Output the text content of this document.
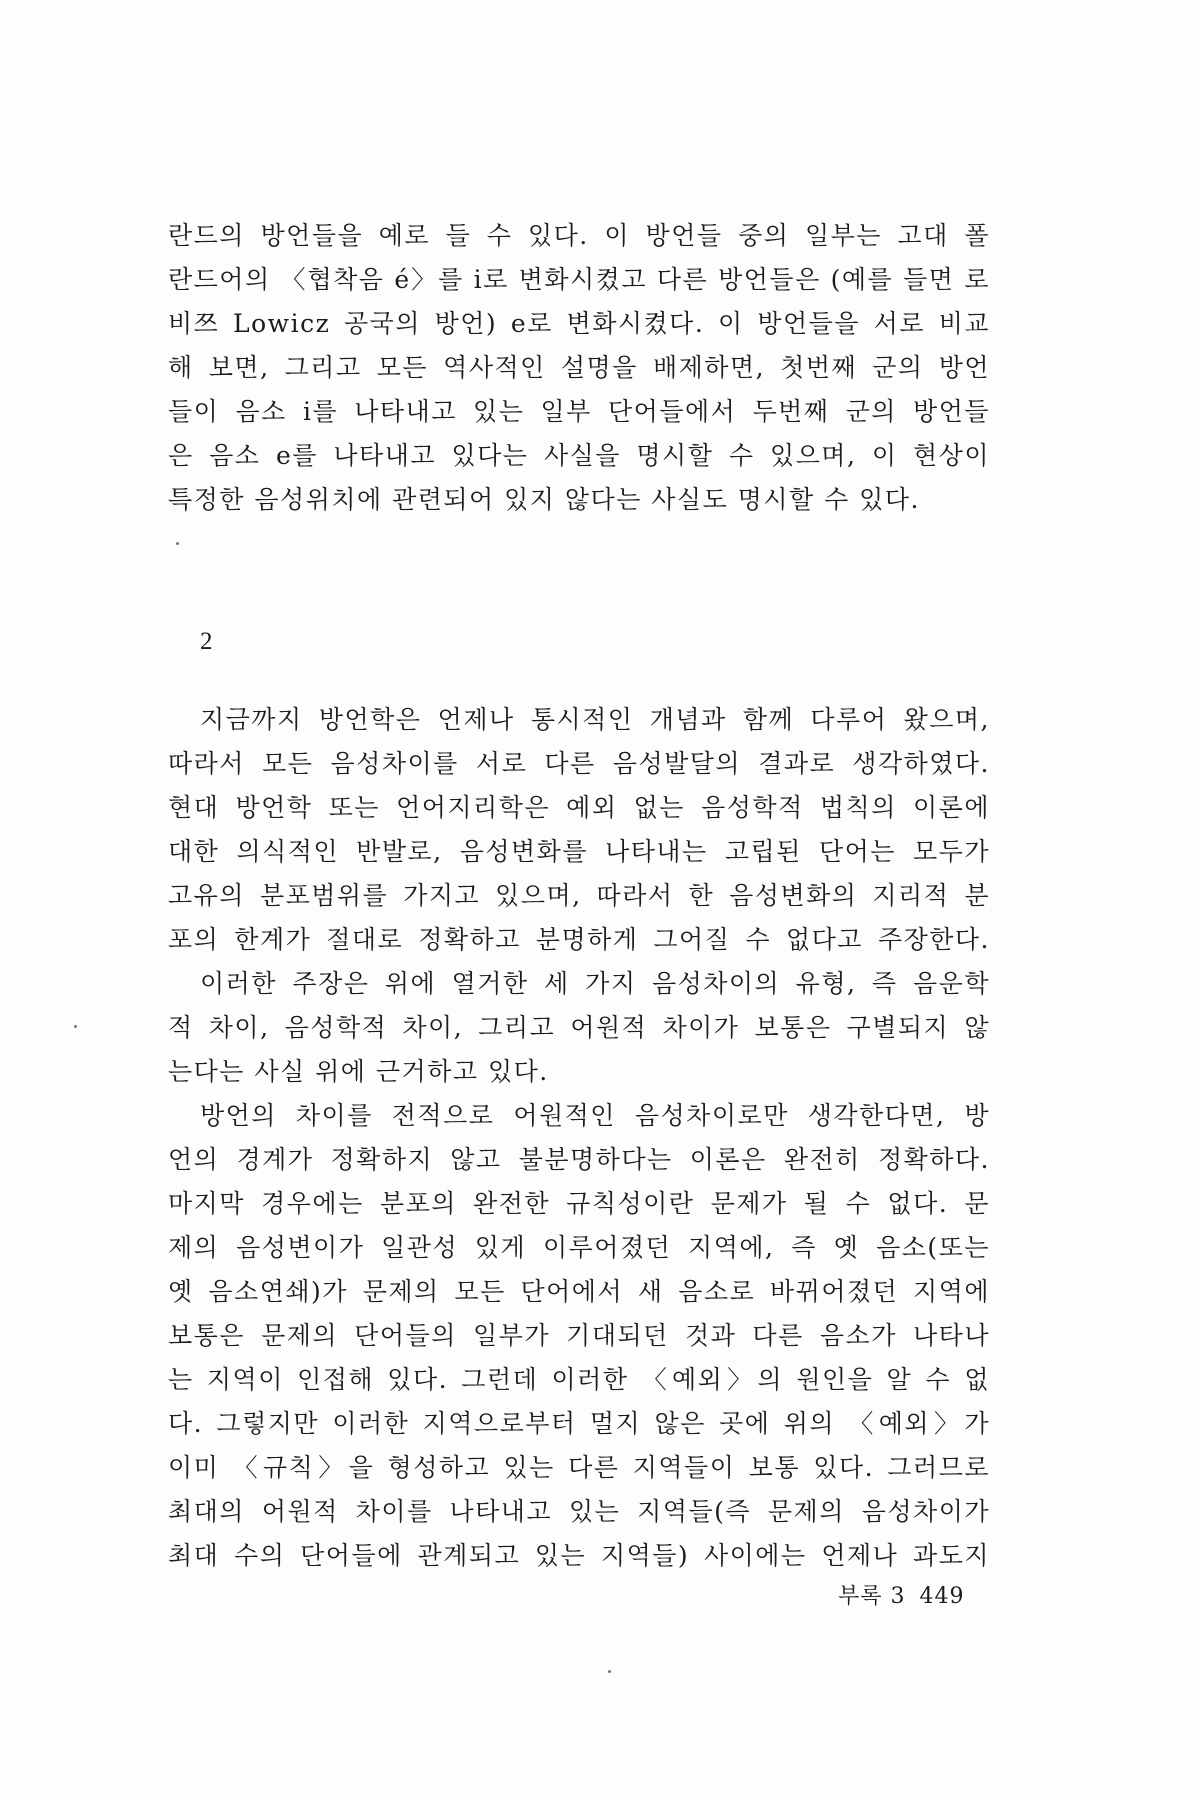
란드의 방언들을 예로 들 수 있다. 이 방언들 중의 일부는 고대 폴
란드어의 〈협착음 é〉를 i로 변화시켰고 다른 방언들은 (예를 들면 로
비쯔 Lowicz 공국의 방언) e로 변화시켰다. 이 방언들을 서로 비교
해 보면, 그리고 모든 역사적인 설명을 배제하면, 첫번째 군의 방언
들이 음소 i를 나타내고 있는 일부 단어들에서 두번째 군의 방언들
은 음소 e를 나타내고 있다는 사실을 명시할 수 있으며, 이 현상이
특정한 음성위치에 관련되어 있지 않다는 사실도 명시할 수 있다.
2
지금까지 방언학은 언제나 통시적인 개념과 함께 다루어 왔으며,
따라서 모든 음성차이를 서로 다른 음성발달의 결과로 생각하였다.
현대 방언학 또는 언어지리학은 예외 없는 음성학적 법칙의 이론에
대한 의식적인 반발로, 음성변화를 나타내는 고립된 단어는 모두가
고유의 분포범위를 가지고 있으며, 따라서 한 음성변화의 지리적 분
포의 한계가 절대로 정확하고 분명하게 그어질 수 없다고 주장한다.
이러한 주장은 위에 열거한 세 가지 음성차이의 유형, 즉 음운학
적 차이, 음성학적 차이, 그리고 어원적 차이가 보통은 구별되지 않
는다는 사실 위에 근거하고 있다.
방언의 차이를 전적으로 어원적인 음성차이로만 생각한다면, 방
언의 경계가 정확하지 않고 불분명하다는 이론은 완전히 정확하다.
마지막 경우에는 분포의 완전한 규칙성이란 문제가 될 수 없다. 문
제의 음성변이가 일관성 있게 이루어졌던 지역에, 즉 옛 음소(또는
옛 음소연쇄)가 문제의 모든 단어에서 새 음소로 바뀌어졌던 지역에
보통은 문제의 단어들의 일부가 기대되던 것과 다른 음소가 나타나
는 지역이 인접해 있다. 그런데 이러한 〈예외〉의 원인을 알 수 없
다. 그렇지만 이러한 지역으로부터 멀지 않은 곳에 위의 〈예외〉가
이미 〈규칙〉을 형성하고 있는 다른 지역들이 보통 있다. 그러므로
최대의 어원적 차이를 나타내고 있는 지역들(즉 문제의 음성차이가
최대 수의 단어들에 관계되고 있는 지역들) 사이에는 언제나 과도지
부록 3 449
